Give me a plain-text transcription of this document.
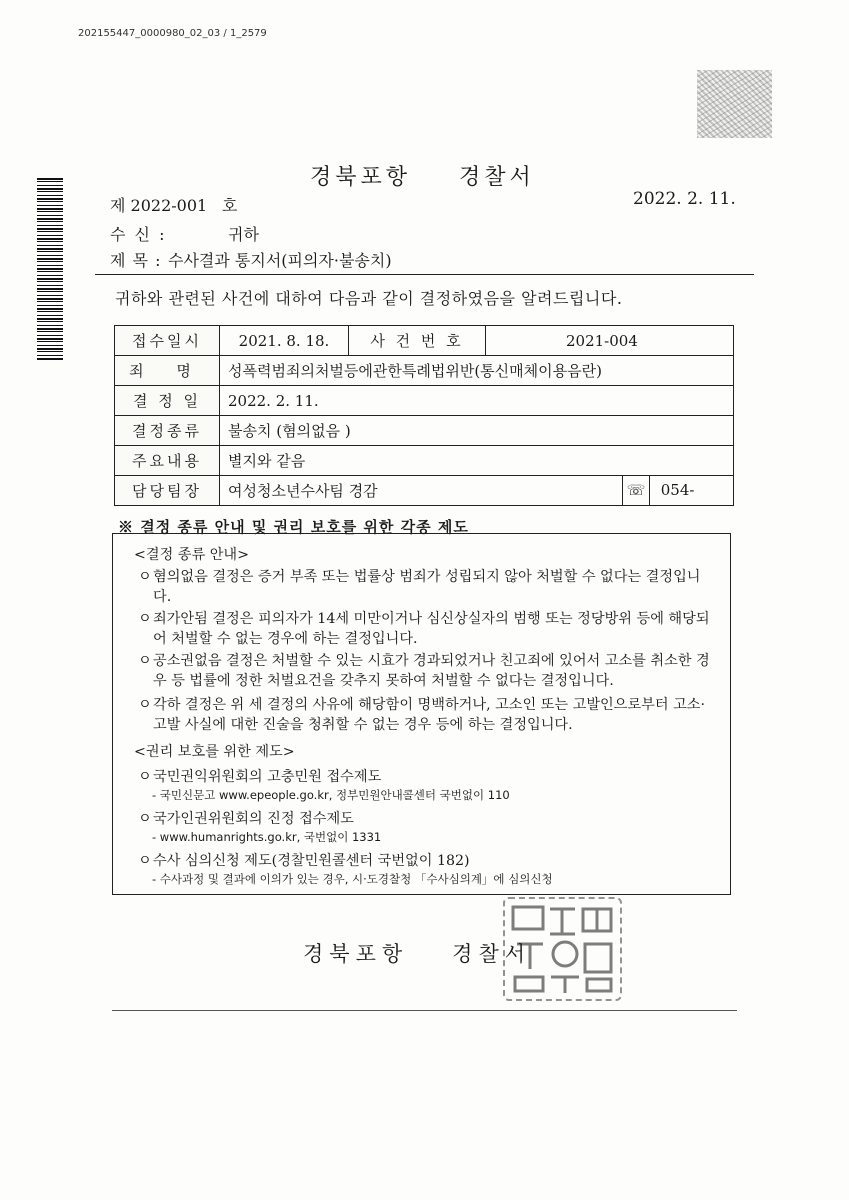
202155447_0000980_02_03 / 1_2579
경북포항 경찰서
제 2022-001 호	2022. 2. 11.
수 신 :	귀하
제 목 : 수사결과 통지서(피의자·불송치)
귀하와 관련된 사건에 대하여 다음과 같이 결정하였음을 알려드립니다.
접수일시	2021. 8. 18.	사 건 번 호	2021-004	
죄 명	성폭력범죄의처벌등에관한특례법위반(통신매체이용음란)			
결 정 일	2022. 2. 11.			
결정종류	불송치 (혐의없음 )			
주요내용	별지와 같음			
담당팀장	여성청소년수사팀 경감			☏ 054-
※ 결정 종류 안내 및 권리 보호를 위한 각종 제도
<결정 종류 안내>
ㅇ혐의없음 결정은 증거 부족 또는 법률상 범죄가 성립되지 않아 처벌할 수 없다는 결정입니다.
ㅇ죄가안됨 결정은 피의자가 14세 미만이거나 심신상실자의 범행 또는 정당방위 등에 해당되어 처벌할 수 없는 경우에 하는 결정입니다.
ㅇ공소권없음 결정은 처벌할 수 있는 시효가 경과되었거나 친고죄에 있어서 고소를 취소한 경우 등 법률에 정한 처벌요건을 갖추지 못하여 처벌할 수 없다는 결정입니다.
ㅇ각하 결정은 위 세 결정의 사유에 해당함이 명백하거나, 고소인 또는 고발인으로부터 고소·고발 사실에 대한 진술을 청취할 수 없는 경우 등에 하는 결정입니다.
<권리 보호를 위한 제도>
ㅇ국민권익위원회의 고충민원 접수제도
- 국민신문고 www.epeople.go.kr, 정부민원안내콜센터 국번없이 110
ㅇ국가인권위원회의 진정 접수제도
- www.humanrights.go.kr, 국번없이 1331
ㅇ수사 심의신청 제도(경찰민원콜센터 국번없이 182)
- 수사과정 및 결과에 이의가 있는 경우, 시·도경찰청 「수사심의계」에 심의신청
경북포항 경찰서
